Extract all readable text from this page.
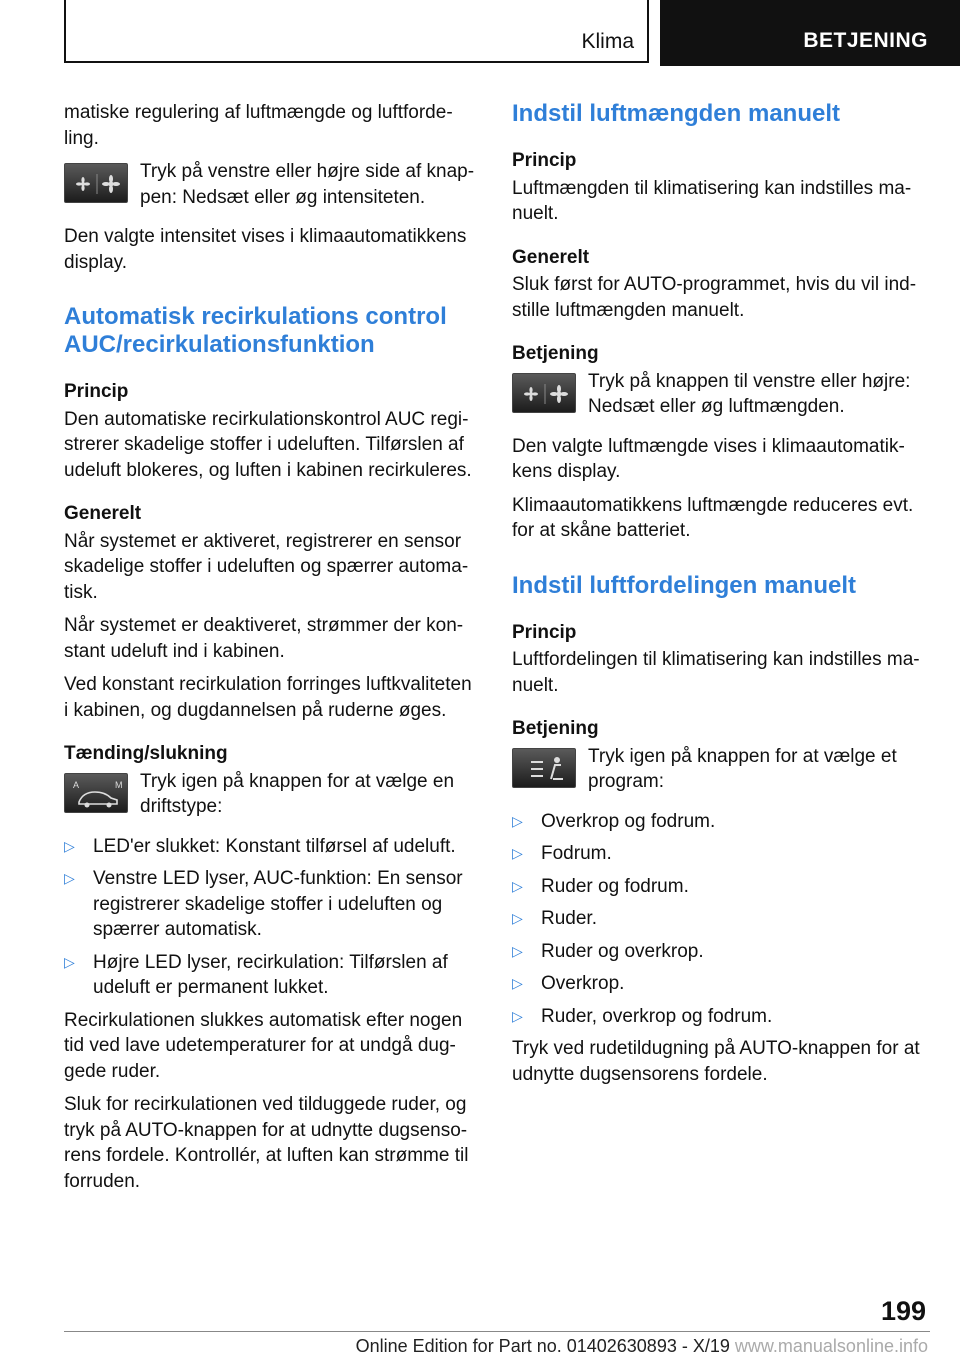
Klima	BETJENING

matiske regulering af luftmængde og luftforde-ling.

Tryk på venstre eller højre side af knap-pen: Nedsæt eller øg intensiteten.

Den valgte intensitet vises i klimaautomatikkens display.

Automatisk recirkulations control AUC/recirkulationsfunktion
Princip

Den automatiske recirkulationskontrol AUC regi-strerer skadelige stoffer i udeluften. Tilførslen af udeluft blokeres, og luften i kabinen recirkuleres.

Generelt

Når systemet er aktiveret, registrerer en sensor skadelige stoffer i udeluften og spærrer automa-tisk.

Når systemet er deaktiveret, strømmer der kon-stant udeluft ind i kabinen.

Ved konstant recirkulation forringes luftkvaliteten i kabinen, og dugdannelsen på ruderne øges.

Tænding/slukning
A	M Tryk igen på knappen for at vælge en driftstype:
▷ LED'er slukket: Konstant tilførsel af udeluft.
▷ Venstre LED lyser, AUC-funktion: En sensor registrerer skadelige stoffer i udeluften og spærrer automatisk.
▷ Højre LED lyser, recirkulation: Tilførslen af udeluft er permanent lukket.

Recirkulationen slukkes automatisk efter nogen tid ved lave udetemperaturer for at undgå dug-gede ruder.

Sluk for recirkulationen ved tilduggede ruder, og tryk på AUTO-knappen for at udnytte dugsenso-rens fordele. Kontrollér, at luften kan strømme til forruden.

Indstil luftmængden manuelt
Princip

Luftmængden til klimatisering kan indstilles ma-nuelt.

Generelt

Sluk først for AUTO-programmet, hvis du vil ind-stille luftmængden manuelt.

Betjening
Tryk på knappen til venstre eller højre: Nedsæt eller øg luftmængden.

Den valgte luftmængde vises i klimaautomatik-kens display.

Klimaautomatikkens luftmængde reduceres evt. for at skåne batteriet.

Indstil luftfordelingen manuelt
Princip

Luftfordelingen til klimatisering kan indstilles ma-nuelt.

Betjening
Tryk igen på knappen for at vælge et program:
▷ Overkrop og fodrum.
▷ Fodrum.
▷ Ruder og fodrum.
▷ Ruder.
▷ Ruder og overkrop.
▷ Overkrop.
▷ Ruder, overkrop og fodrum.

Tryk ved rudetildugning på AUTO-knappen for at udnytte dugsensorens fordele.

199
Online Edition for Part no. 01402630893 - X/19 www.manualsonline.info
